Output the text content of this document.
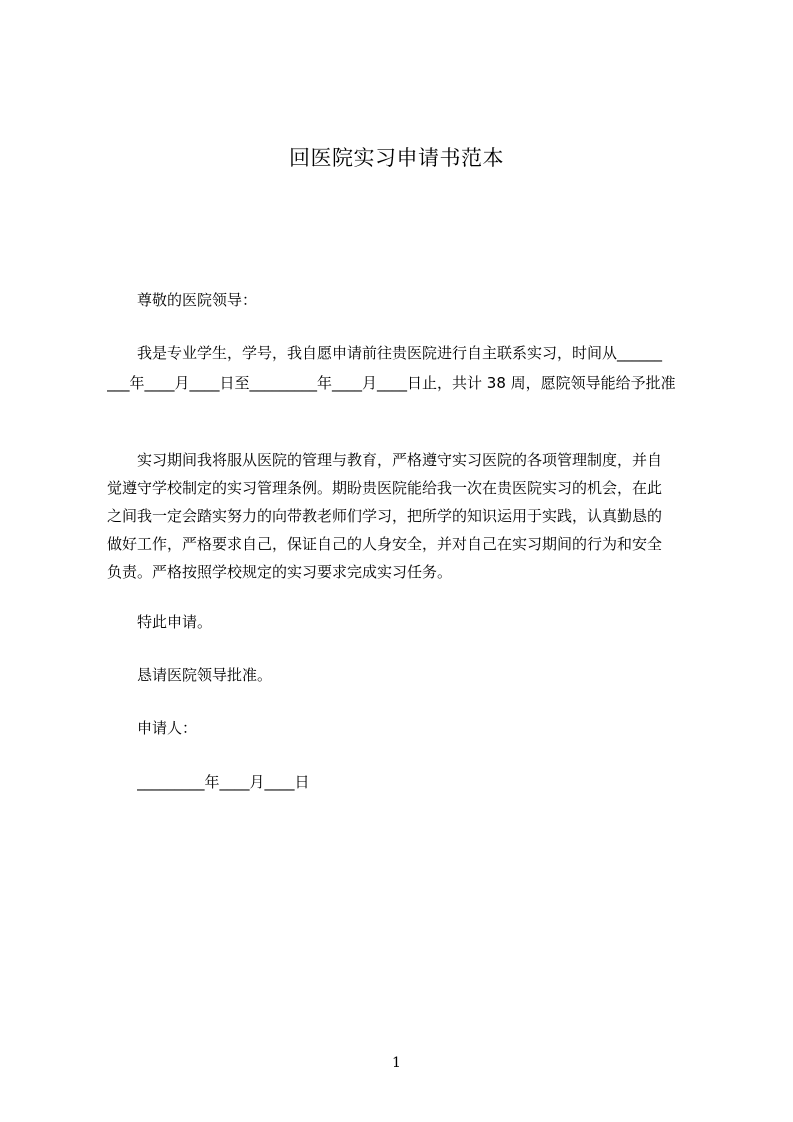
回医院实习申请书范本
尊敬的医院领导：
我是专业学生，学号，我自愿申请前往贵医院进行自主联系实习，时间从______
___年____月____日至_________年____月____日止，共计 38 周，愿院领导能给予批准
实习期间我将服从医院的管理与教育，严格遵守实习医院的各项管理制度，并自
觉遵守学校制定的实习管理条例。期盼贵医院能给我一次在贵医院实习的机会，在此
之间我一定会踏实努力的向带教老师们学习，把所学的知识运用于实践，认真勤恳的
做好工作，严格要求自己，保证自己的人身安全，并对自己在实习期间的行为和安全
负责。严格按照学校规定的实习要求完成实习任务。
特此申请。
恳请医院领导批准。
申请人：
_________年____月____日
1
